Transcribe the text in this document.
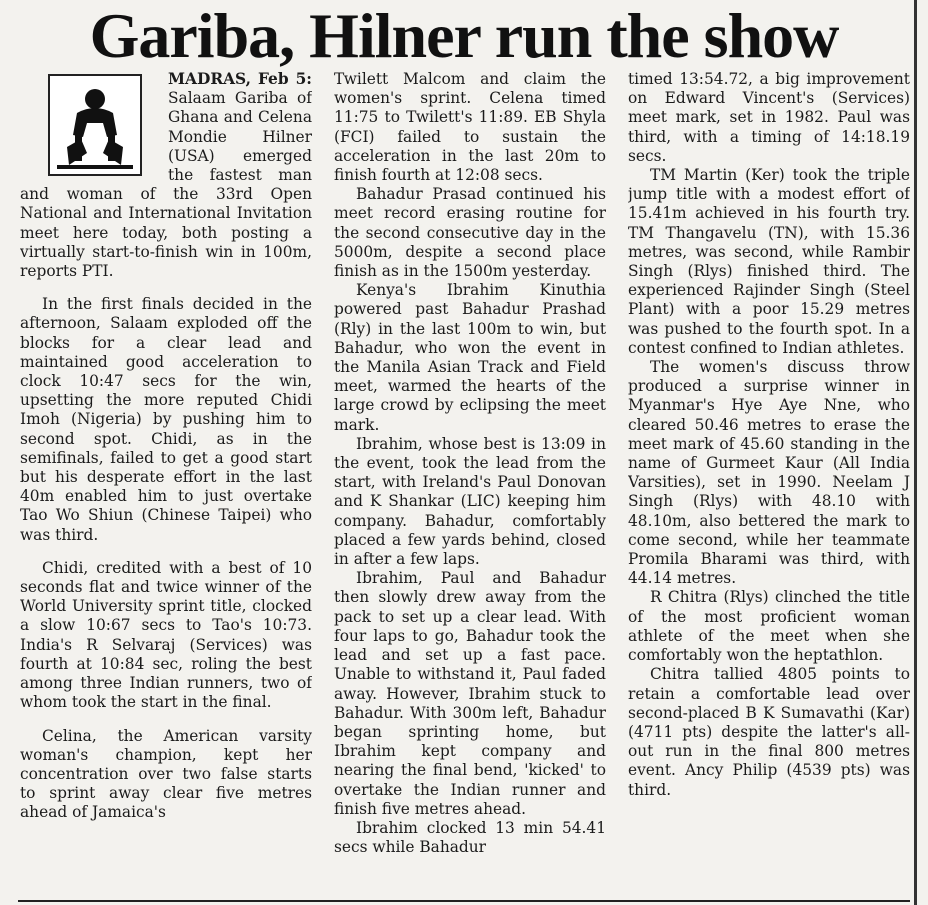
Gariba, Hilner run the show

MADRAS, Feb 5: Salaam Gariba of Ghana and Celena Mondie Hilner (USA) emerged the fastest man and woman of the 33rd Open National and International Invitation meet here today, both posting a virtually start-to-finish win in 100m, reports PTI.

In the first finals decided in the afternoon, Salaam exploded off the blocks for a clear lead and maintained good acceleration to clock 10:47 secs for the win, upsetting the more reputed Chidi Imoh (Nigeria) by pushing him to second spot. Chidi, as in the semifinals, failed to get a good start but his desperate effort in the last 40m enabled him to just overtake Tao Wo Shiun (Chinese Taipei) who was third.

Chidi, credited with a best of 10 seconds flat and twice winner of the World University sprint title, clocked a slow 10:67 secs to Tao's 10:73. India's R Selvaraj (Services) was fourth at 10:84 sec, roling the best among three Indian runners, two of whom took the start in the final.

Celina, the American varsity woman's champion, kept her concentration over two false starts to sprint away clear five metres ahead of Jamaica's

Twilett Malcom and claim the women's sprint. Celena timed 11:75 to Twilett's 11:89. EB Shyla (FCI) failed to sustain the acceleration in the last 20m to finish fourth at 12:08 secs.

Bahadur Prasad continued his meet record erasing routine for the second consecutive day in the 5000m, despite a second place finish as in the 1500m yesterday.

Kenya's Ibrahim Kinuthia powered past Bahadur Prashad (Rly) in the last 100m to win, but Bahadur, who won the event in the Manila Asian Track and Field meet, warmed the hearts of the large crowd by eclipsing the meet mark.

Ibrahim, whose best is 13:09 in the event, took the lead from the start, with Ireland's Paul Donovan and K Shankar (LIC) keeping him company. Bahadur, comfortably placed a few yards behind, closed in after a few laps.

Ibrahim, Paul and Bahadur then slowly drew away from the pack to set up a clear lead. With four laps to go, Bahadur took the lead and set up a fast pace. Unable to withstand it, Paul faded away. However, Ibrahim stuck to Bahadur. With 300m left, Bahadur began sprinting home, but Ibrahim kept company and nearing the final bend, 'kicked' to overtake the Indian runner and finish five metres ahead.

Ibrahim clocked 13 min 54.41 secs while Bahadur

timed 13:54.72, a big improvement on Edward Vincent's (Services) meet mark, set in 1982. Paul was third, with a timing of 14:18.19 secs.

TM Martin (Ker) took the triple jump title with a modest effort of 15.41m achieved in his fourth try. TM Thangavelu (TN), with 15.36 metres, was second, while Rambir Singh (Rlys) finished third. The experienced Rajinder Singh (Steel Plant) with a poor 15.29 metres was pushed to the fourth spot. In a contest confined to Indian athletes.

The women's discuss throw produced a surprise winner in Myanmar's Hye Aye Nne, who cleared 50.46 metres to erase the meet mark of 45.60 standing in the name of Gurmeet Kaur (All India Varsities), set in 1990. Neelam J Singh (Rlys) with 48.10 with 48.10m, also bettered the mark to come second, while her teammate Promila Bharami was third, with 44.14 metres.

R Chitra (Rlys) clinched the title of the most proficient woman athlete of the meet when she comfortably won the heptathlon.

Chitra tallied 4805 points to retain a comfortable lead over second-placed B K Sumavathi (Kar) (4711 pts) despite the latter's all-out run in the final 800 metres event. Ancy Philip (4539 pts) was third.
